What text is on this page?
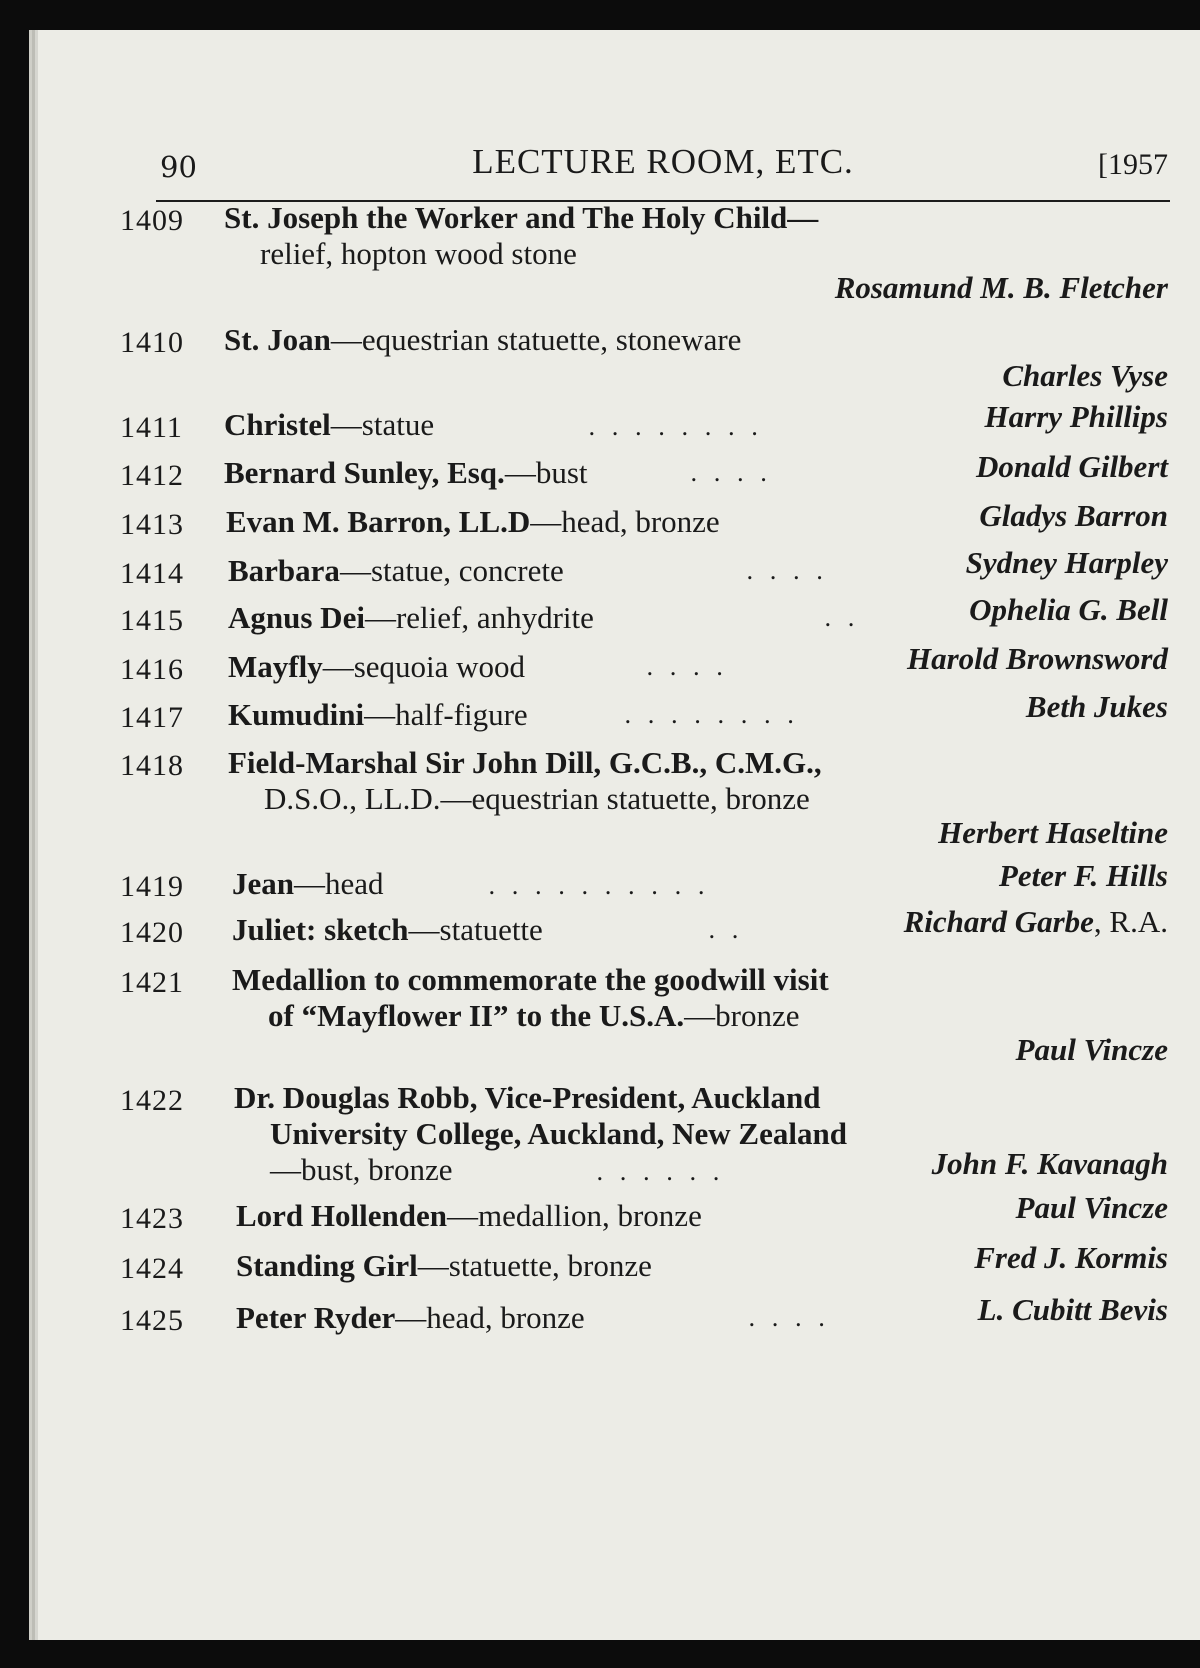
90	LECTURE ROOM, ETC.	[1957
1409 St. Joseph the Worker and The Holy Child—
relief, hopton wood stone
Rosamund M. B. Fletcher
1410 St. Joan—equestrian statuette, stoneware
Charles Vyse
1411 Christel—statue	. . . . . . . .	Harry Phillips
1412 Bernard Sunley, Esq.—bust	. . . .	Donald Gilbert
1413 Evan M. Barron, LL.D—head, bronze	Gladys Barron
1414 Barbara—statue, concrete	. . . .	Sydney Harpley
1415 Agnus Dei—relief, anhydrite	. .	Ophelia G. Bell
1416 Mayfly—sequoia wood	. . . .	Harold Brownsword
1417 Kumudini—half-figure	. . . . . . . .	Beth Jukes
1418 Field-Marshal Sir John Dill, G.C.B., C.M.G.,
D.S.O., LL.D.—equestrian statuette, bronze
Herbert Haseltine
1419 Jean—head	. . . . . . . . . .	Peter F. Hills
1420 Juliet: sketch—statuette	. .	Richard Garbe, R.A.
1421 Medallion to commemorate the goodwill visit
of “Mayflower II” to the U.S.A.—bronze
Paul Vincze
1422 Dr. Douglas Robb, Vice-President, Auckland
University College, Auckland, New Zealand
—bust, bronze	. . . . . .	John F. Kavanagh
1423 Lord Hollenden—medallion, bronze	Paul Vincze
1424 Standing Girl—statuette, bronze	Fred J. Kormis
1425 Peter Ryder—head, bronze	. . . .	L. Cubitt Bevis
